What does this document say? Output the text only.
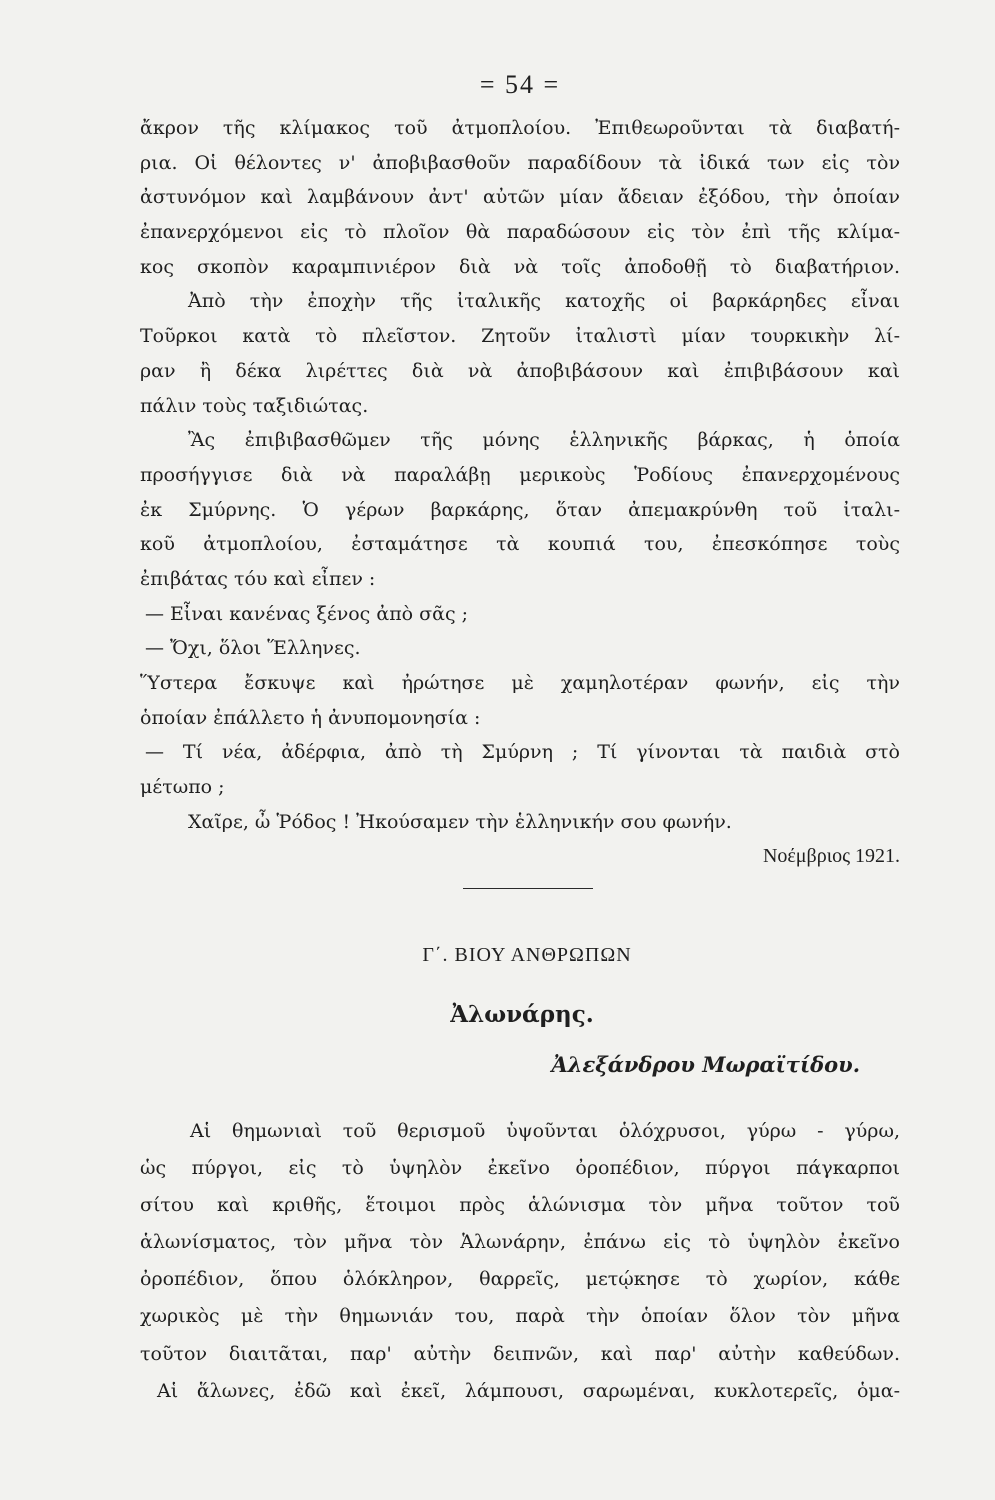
= 54 =
ἄκρον τῆς κλίμακος τοῦ ἀτμοπλοίου. Ἐπιθεωροῦνται τὰ διαβατή-
ρια. Οἱ θέλοντες ν' ἀποβιβασθοῦν παραδίδουν τὰ ἰδικά των εἰς τὸν
ἀστυνόμον καὶ λαμβάνουν ἀντ' αὐτῶν μίαν ἄδειαν ἐξόδου, τὴν ὁποίαν
ἐπανερχόμενοι εἰς τὸ πλοῖον θὰ παραδώσουν εἰς τὸν ἐπὶ τῆς κλίμα-
κος σκοπὸν καραμπινιέρον διὰ νὰ τοῖς ἀποδοθῇ τὸ διαβατήριον.
Ἀπὸ τὴν ἐποχὴν τῆς ἰταλικῆς κατοχῆς οἱ βαρκάρηδες εἶναι
Τοῦρκοι κατὰ τὸ πλεῖστον. Ζητοῦν ἰταλιστὶ μίαν τουρκικὴν λί-
ραν ἢ δέκα λιρέττες διὰ νὰ ἀποβιβάσουν καὶ ἐπιβιβάσουν καὶ
πάλιν τοὺς ταξιδιώτας.
Ἂς ἐπιβιβασθῶμεν τῆς μόνης ἑλληνικῆς βάρκας, ἡ ὁποία
προσήγγισε διὰ νὰ παραλάβῃ μερικοὺς Ῥοδίους ἐπανερχομένους
ἐκ Σμύρνης. Ὁ γέρων βαρκάρης, ὅταν ἀπεμακρύνθη τοῦ ἰταλι-
κοῦ ἀτμοπλοίου, ἐσταμάτησε τὰ κουπιά του, ἐπεσκόπησε τοὺς
ἐπιβάτας τόυ καὶ εἶπεν :
— Εἶναι κανένας ξένος ἀπὸ σᾶς ;
— Ὄχι, ὅλοι Ἕλληνες.
Ὕστερα ἔσκυψε καὶ ἠρώτησε μὲ χαμηλοτέραν φωνήν, εἰς τὴν
ὁποίαν ἐπάλλετο ἡ ἀνυπομονησία :
— Τί νέα, ἀδέρφια, ἀπὸ τὴ Σμύρνη ; Τί γίνονται τὰ παιδιὰ στὸ
μέτωπο ;
Χαῖρε, ὦ Ῥόδος ! Ἠκούσαμεν τὴν ἑλληνικήν σου φωνήν.
Νοέμβριος 1921.
Γ΄. ΒΙΟΥ ΑΝΘΡΩΠΩΝ
Ἀλωνάρης.
Ἀλεξάνδρου Μωραϊτίδου.
Αἱ θημωνιαὶ τοῦ θερισμοῦ ὑψοῦνται ὁλόχρυσοι, γύρω - γύρω,
ὡς πύργοι, εἰς τὸ ὑψηλὸν ἐκεῖνο ὀροπέδιον, πύργοι πάγκαρποι
σίτου καὶ κριθῆς, ἕτοιμοι πρὸς ἁλώνισμα τὸν μῆνα τοῦτον τοῦ
ἁλωνίσματος, τὸν μῆνα τὸν Ἁλωνάρην, ἐπάνω εἰς τὸ ὑψηλὸν ἐκεῖνο
ὀροπέδιον, ὅπου ὁλόκληρον, θαρρεῖς, μετῴκησε τὸ χωρίον, κάθε
χωρικὸς μὲ τὴν θημωνιάν του, παρὰ τὴν ὁποίαν ὅλον τὸν μῆνα
τοῦτον διαιτᾶται, παρ' αὐτὴν δειπνῶν, καὶ παρ' αὐτὴν καθεύδων.
Αἱ ἅλωνες, ἐδῶ καὶ ἐκεῖ, λάμπουσι, σαρωμέναι, κυκλοτερεῖς, ὁμα-
